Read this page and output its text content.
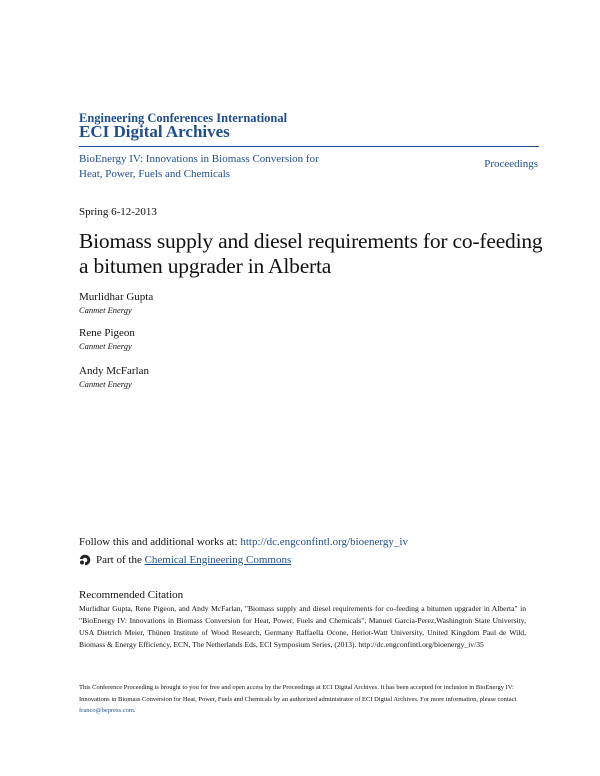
Engineering Conferences International
ECI Digital Archives
BioEnergy IV: Innovations in Biomass Conversion for Heat, Power, Fuels and Chemicals
Proceedings
Spring 6-12-2013
Biomass supply and diesel requirements for co-feeding a bitumen upgrader in Alberta
Murlidhar Gupta
Canmet Energy
Rene Pigeon
Canmet Energy
Andy McFarlan
Canmet Energy
Follow this and additional works at: http://dc.engconfintl.org/bioenergy_iv
Part of the
Chemical Engineering Commons
Recommended Citation
Murlidhar Gupta, Rene Pigeon, and Andy McFarlan, "Biomass supply and diesel requirements for co-feeding a bitumen upgrader in Alberta" in "BioEnergy IV: Innovations in Biomass Conversion for Heat, Power, Fuels and Chemicals", Manuel Garcia-Perez,Washington State University, USA Dietrich Meier, Thünen Institute of Wood Research, Germany Raffaella Ocone, Heriot-Watt University, United Kingdom Paul de Wild, Biomass & Energy Efficiency, ECN, The Netherlands Eds, ECI Symposium Series, (2013). http://dc.engconfintl.org/bioenergy_iv/35
This Conference Proceeding is brought to you for free and open access by the Proceedings at ECI Digital Archives. It has been accepted for inclusion in BioEnergy IV: Innovations in Biomass Conversion for Heat, Power, Fuels and Chemicals by an authorized administrator of ECI Digital Archives. For more information, please contact franco@bepress.com.
